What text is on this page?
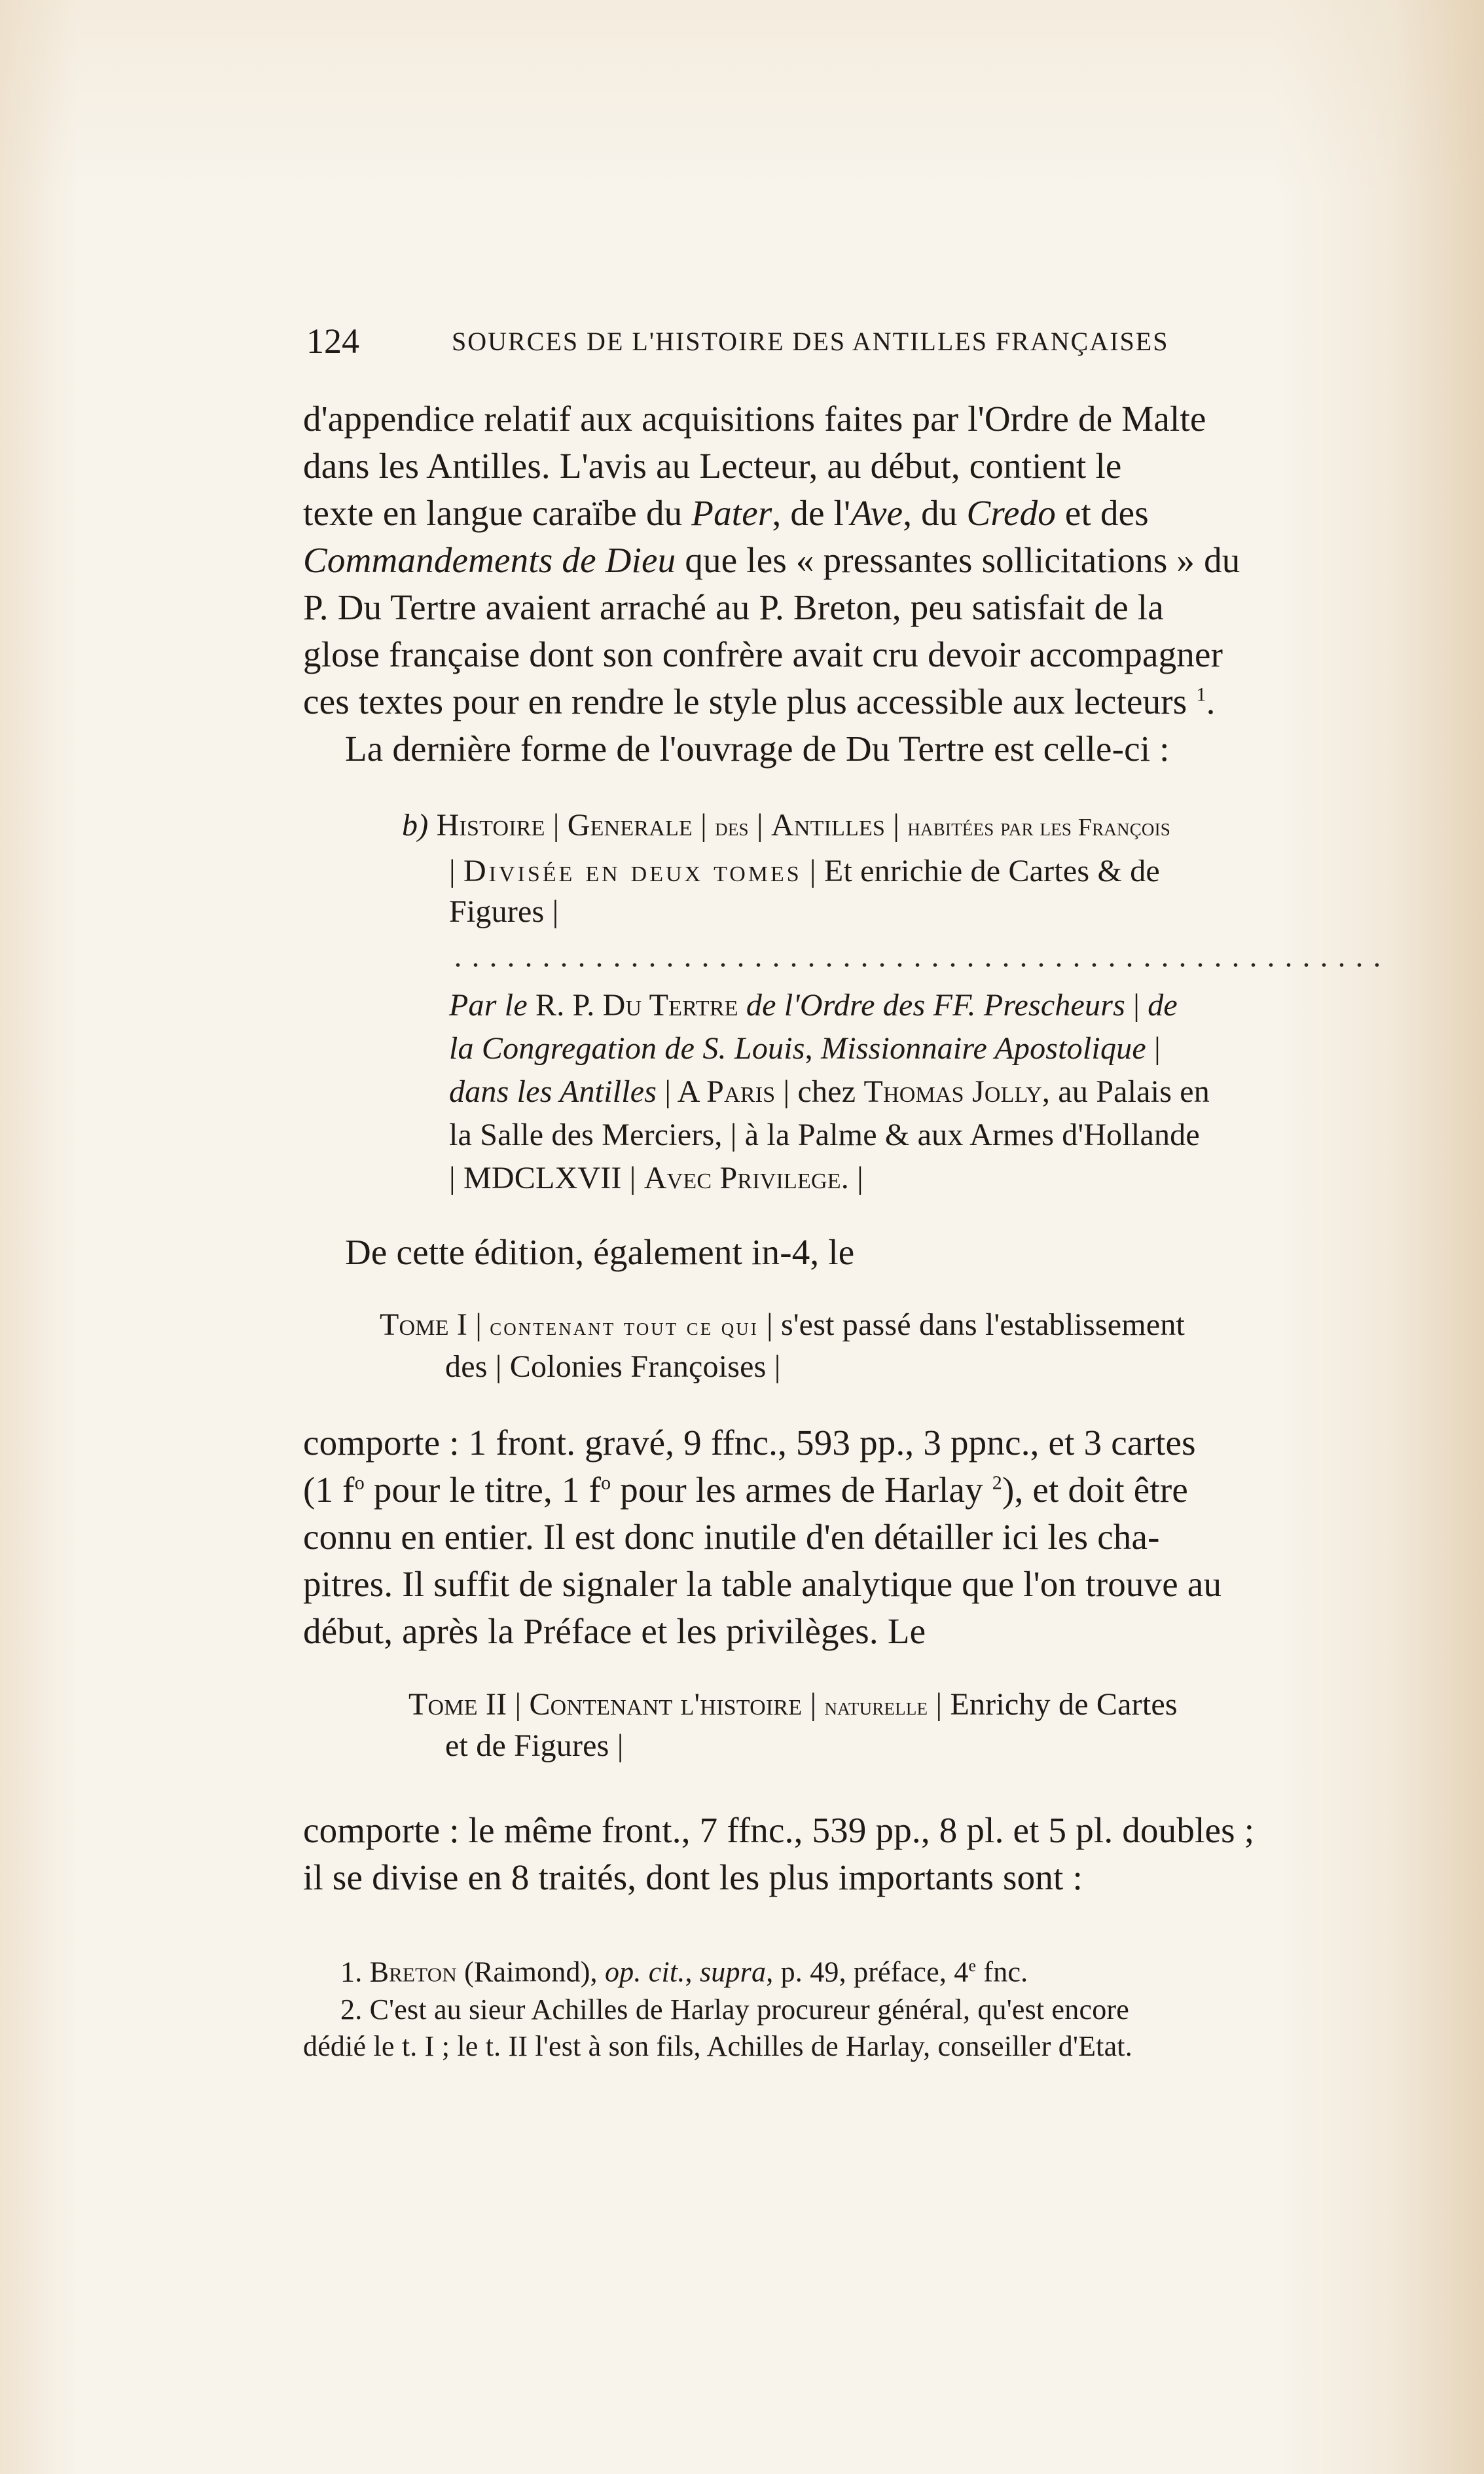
124	SOURCES DE L'HISTOIRE DES ANTILLES FRANÇAISES
d'appendice relatif aux acquisitions faites par l'Ordre de Malte
dans les Antilles. L'avis au Lecteur, au début, contient le
texte en langue caraïbe du Pater, de l'Ave, du Credo et des
Commandements de Dieu que les « pressantes sollicitations » du
P. Du Tertre avaient arraché au P. Breton, peu satisfait de la
glose française dont son confrère avait cru devoir accompagner
ces textes pour en rendre le style plus accessible aux lecteurs $^1$.
La dernière forme de l'ouvrage de Du Tertre est celle-ci :
b) Histoire | Generale | des | Antilles | habitées par les François
| Divisée en deux tomes | Et enrichie de Cartes & de
Figures |
Par le R. P. Du Tertre de l'Ordre des FF. Prescheurs | de
la Congregation de S. Louis, Missionnaire Apostolique |
dans les Antilles | A Paris | chez Thomas Jolly, au Palais en
la Salle des Merciers, | à la Palme & aux Armes d'Hollande
| MDCLXVII | Avec Privilege. |
De cette édition, également in-4, le
Tome I | contenant tout ce qui | s'est passé dans l'establissement
des | Colonies Françoises |
comporte : 1 front. gravé, 9 ffnc., 593 pp., 3 ppnc., et 3 cartes
(1 $f^o$ pour le titre, 1 $f^o$ pour les armes de Harlay $^2$), et doit être
connu en entier. Il est donc inutile d'en détailler ici les cha-
pitres. Il suffit de signaler la table analytique que l'on trouve au
début, après la Préface et les privilèges. Le
Tome II | Contenant l'histoire | naturelle | Enrichy de Cartes
et de Figures |
comporte : le même front., 7 ffnc., 539 pp., 8 pl. et 5 pl. doubles ;
il se divise en 8 traités, dont les plus importants sont :
1. Breton (Raimond), op. cit., supra, p. 49, préface, 4e fnc.
2. C'est au sieur Achilles de Harlay procureur général, qu'est encore
dédié le t. I ; le t. II l'est à son fils, Achilles de Harlay, conseiller d'Etat.
